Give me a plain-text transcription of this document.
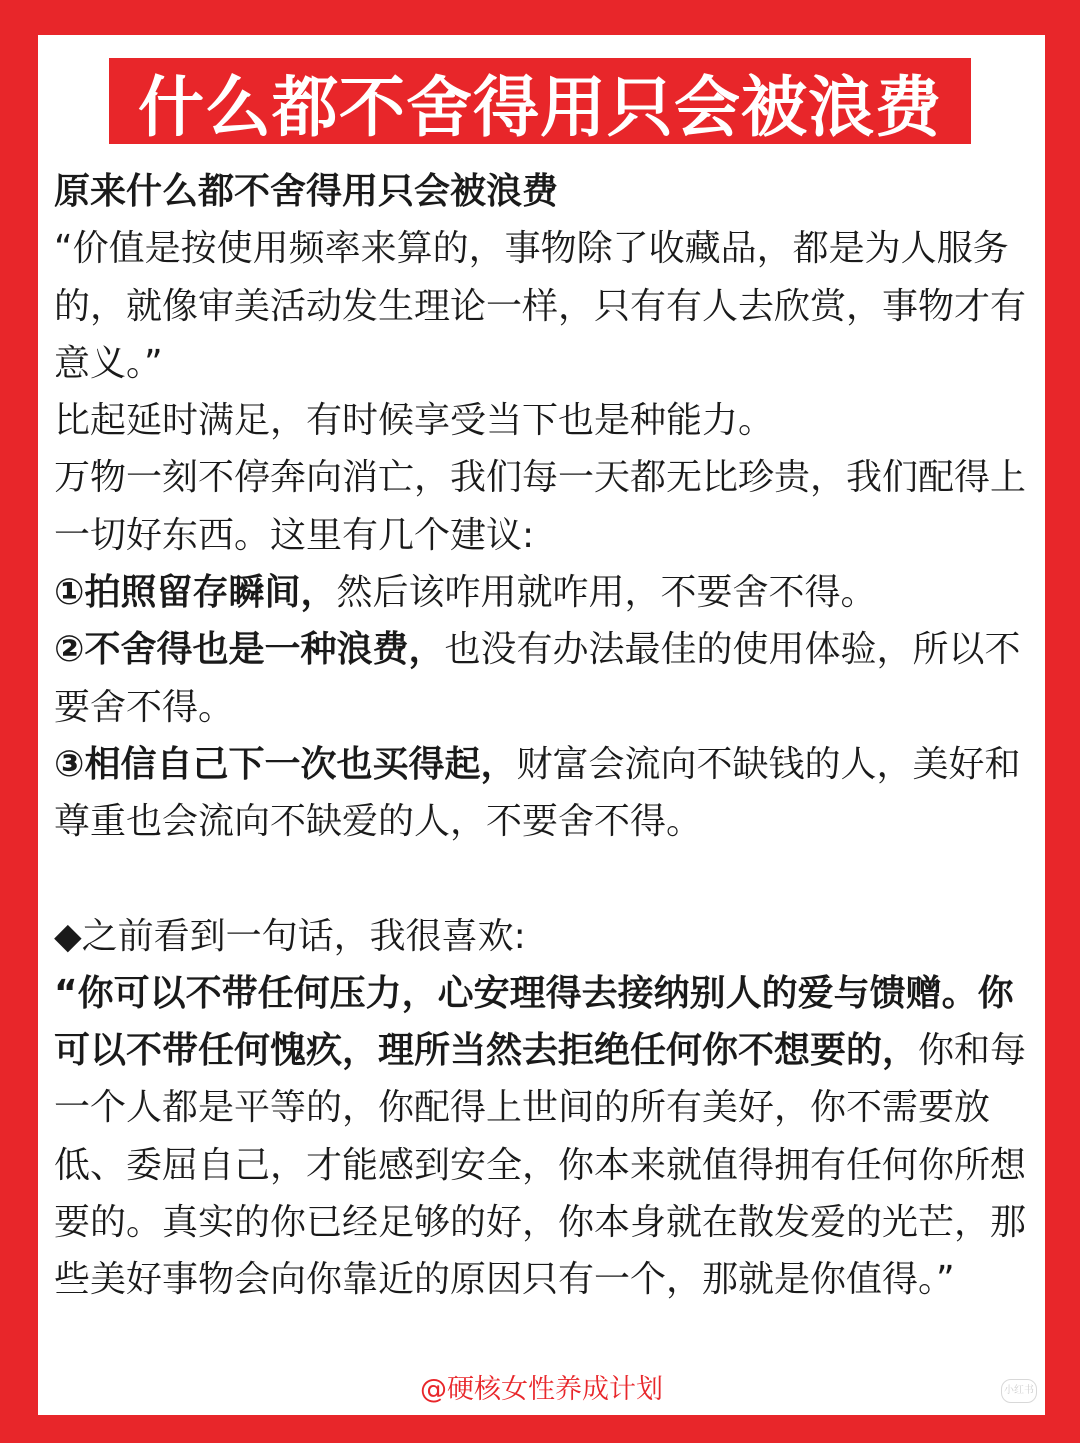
什么都不舍得用只会被浪费

原来什么都不舍得用只会被浪费

“价值是按使用频率来算的，事物除了收藏品，都是为人服务的，就像审美活动发生理论一样，只有有人去欣赏，事物才有意义。”

比起延时满足，有时候享受当下也是种能力。

万物一刻不停奔向消亡，我们每一天都无比珍贵，我们配得上一切好东西。这里有几个建议:

①拍照留存瞬间，然后该咋用就咋用，不要舍不得。

②不舍得也是一种浪费，也没有办法最佳的使用体验，所以不要舍不得。

③相信自己下一次也买得起，财富会流向不缺钱的人，美好和尊重也会流向不缺爱的人，不要舍不得。

◆之前看到一句话，我很喜欢:

“你可以不带任何压力，心安理得去接纳别人的爱与馈赠。你可以不带任何愧疚，理所当然去拒绝任何你不想要的，你和每一个人都是平等的，你配得上世间的所有美好，你不需要放低、委屈自己，才能感到安全，你本来就值得拥有任何你所想要的。真实的你已经足够的好，你本身就在散发爱的光芒，那些美好事物会向你靠近的原因只有一个，那就是你值得。”

@硬核女性养成计划	小红书
